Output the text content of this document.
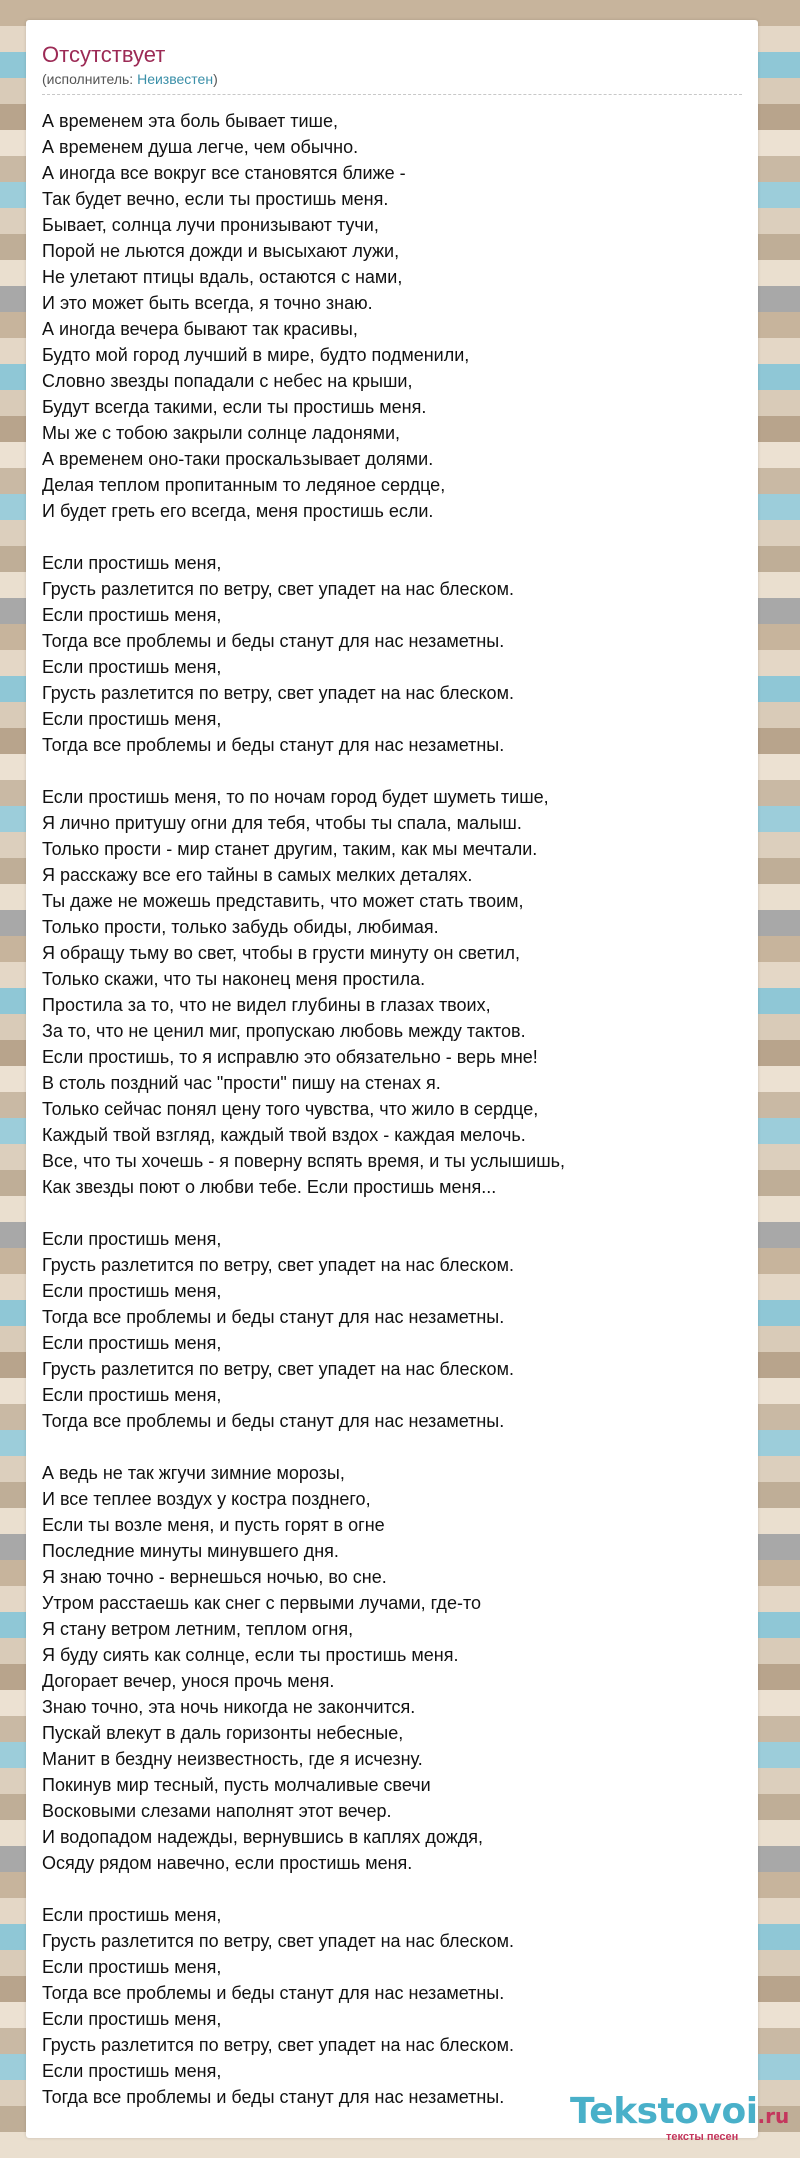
Отсутствует
(исполнитель: Неизвестен)
А временем эта боль бывает тише,
А временем душа легче, чем обычно.
А иногда все вокруг все становятся ближе -
Так будет вечно, если ты простишь меня.
Бывает, солнца лучи пронизывают тучи,
Порой не льются дожди и высыхают лужи,
Не улетают птицы вдаль, остаются с нами,
И это может быть всегда, я точно знаю.
А иногда вечера бывают так красивы,
Будто мой город лучший в мире, будто подменили,
Словно звезды попадали с небес на крыши,
Будут всегда такими, если ты простишь меня.
Мы же с тобою закрыли солнце ладонями,
А временем оно-таки проскальзывает долями.
Делая теплом пропитанным то ледяное сердце,
И будет греть его всегда, меня простишь если.
Если простишь меня,
Грусть разлетится по ветру, свет упадет на нас блеском.
Если простишь меня,
Тогда все проблемы и беды станут для нас незаметны.
Если простишь меня,
Грусть разлетится по ветру, свет упадет на нас блеском.
Если простишь меня,
Тогда все проблемы и беды станут для нас незаметны.
Если простишь меня, то по ночам город будет шуметь тише,
Я лично притушу огни для тебя, чтобы ты спала, малыш.
Только прости - мир станет другим, таким, как мы мечтали.
Я расскажу все его тайны в самых мелких деталях.
Ты даже не можешь представить, что может стать твоим,
Только прости, только забудь обиды, любимая.
Я обращу тьму во свет, чтобы в грусти минуту он светил,
Только скажи, что ты наконец меня простила.
Простила за то, что не видел глубины в глазах твоих,
За то, что не ценил миг, пропускаю любовь между тактов.
Если простишь, то я исправлю это обязательно - верь мне!
В столь поздний час "прости" пишу на стенах я.
Только сейчас понял цену того чувства, что жило в сердце,
Каждый твой взгляд, каждый твой вздох - каждая мелочь.
Все, что ты хочешь - я поверну вспять время, и ты услышишь,
Как звезды поют о любви тебе. Если простишь меня...
Если простишь меня,
Грусть разлетится по ветру, свет упадет на нас блеском.
Если простишь меня,
Тогда все проблемы и беды станут для нас незаметны.
Если простишь меня,
Грусть разлетится по ветру, свет упадет на нас блеском.
Если простишь меня,
Тогда все проблемы и беды станут для нас незаметны.
А ведь не так жгучи зимние морозы,
И все теплее воздух у костра позднего,
Если ты возле меня, и пусть горят в огне
Последние минуты минувшего дня.
Я знаю точно - вернешься ночью, во сне.
Утром расстаешь как снег с первыми лучами, где-то
Я стану ветром летним, теплом огня,
Я буду сиять как солнце, если ты простишь меня.
Догорает вечер, унося прочь меня.
Знаю точно, эта ночь никогда не закончится.
Пускай влекут в даль горизонты небесные,
Манит в бездну неизвестность, где я исчезну.
Покинув мир тесный, пусть молчаливые свечи
Восковыми слезами наполнят этот вечер.
И водопадом надежды, вернувшись в каплях дождя,
Осяду рядом навечно, если простишь меня.
Если простишь меня,
Грусть разлетится по ветру, свет упадет на нас блеском.
Если простишь меня,
Тогда все проблемы и беды станут для нас незаметны.
Если простишь меня,
Грусть разлетится по ветру, свет упадет на нас блеском.
Если простишь меня,
Тогда все проблемы и беды станут для нас незаметны.	Tekstovoi.ru
тексты песен
